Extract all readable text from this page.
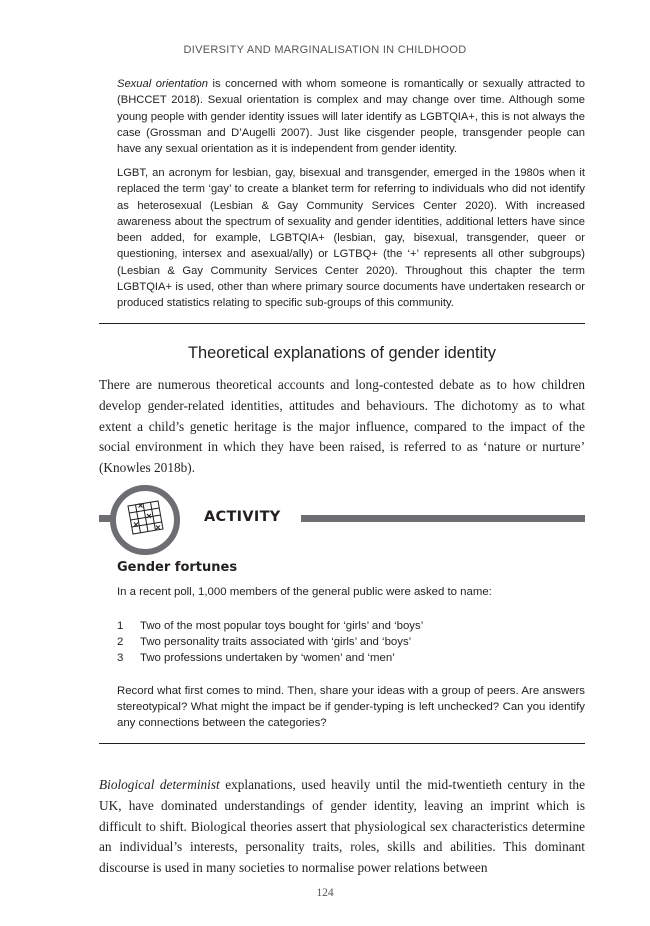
DIVERSITY AND MARGINALISATION IN CHILDHOOD

Sexual orientation is concerned with whom someone is romantically or sexually attracted to (BHCCET 2018). Sexual orientation is complex and may change over time. Although some young people with gender identity issues will later identify as LGBTQIA+, this is not always the case (Grossman and D’Augelli 2007). Just like cisgender people, transgender people can have any sexual orientation as it is independent from gender identity.

LGBT, an acronym for lesbian, gay, bisexual and transgender, emerged in the 1980s when it replaced the term ‘gay’ to create a blanket term for referring to individuals who did not identify as heterosexual (Lesbian & Gay Community Services Center 2020). With increased awareness about the spectrum of sexuality and gender identities, additional letters have since been added, for example, LGBTQIA+ (lesbian, gay, bisexual, transgender, queer or questioning, intersex and asexual/ally) or LGTBQ+ (the ‘+’ represents all other subgroups) (Lesbian & Gay Community Services Center 2020). Throughout this chapter the term LGBTQIA+ is used, other than where primary source documents have undertaken research or produced statistics relating to specific sub-groups of this community.

Theoretical explanations of gender identity

There are numerous theoretical accounts and long-contested debate as to how children develop gender-related identities, attitudes and behaviours. The dichotomy as to what extent a child’s genetic heritage is the major influence, compared to the impact of the social environment in which they have been raised, is referred to as ‘nature or nurture’ (Knowles 2018b).

ACTIVITY
Gender fortunes

In a recent poll, 1,000 members of the general public were asked to name:

1 Two of the most popular toys bought for ‘girls’ and ‘boys’
2 Two personality traits associated with ‘girls’ and ‘boys’
3 Two professions undertaken by ‘women’ and ‘men’

Record what first comes to mind. Then, share your ideas with a group of peers. Are answers stereotypical? What might the impact be if gender-typing is left unchecked? Can you identify any connections between the categories?

Biological determinist explanations, used heavily until the mid-twentieth century in the UK, have dominated understandings of gender identity, leaving an imprint which is difficult to shift. Biological theories assert that physiological sex characteristics determine an individual’s interests, personality traits, roles, skills and abilities. This dominant discourse is used in many societies to normalise power relations between

124
